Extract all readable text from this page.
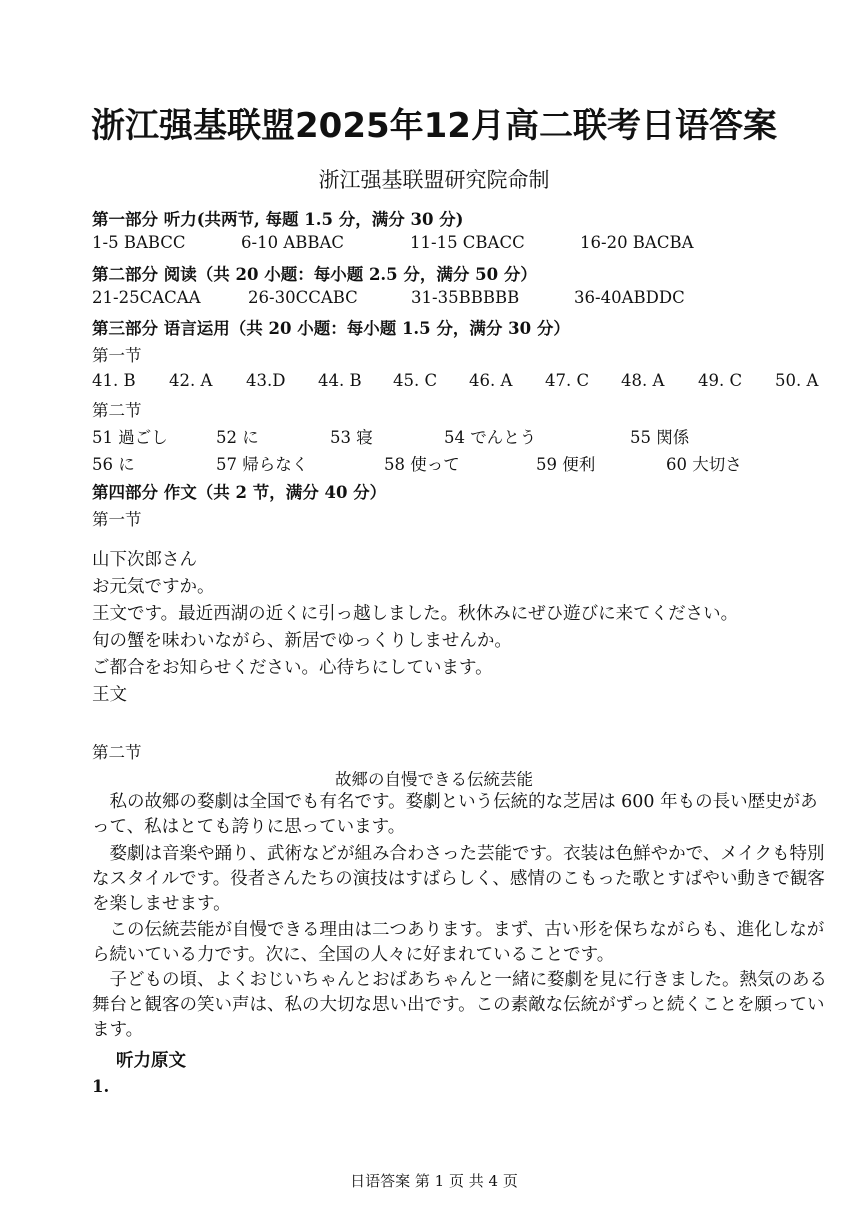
浙江强基联盟2025年12月高二联考日语答案
浙江强基联盟研究院命制
第一部分 听力(共两节, 每题 1.5 分，满分 30 分)
1-5 BABCC	6-10 ABBAC	11-15 CBACC	16-20 BACBA
第二部分 阅读（共 20 小题：每小题 2.5 分，满分 50 分）
21-25CACAA	26-30CCABC	31-35BBBBB	36-40ABDDC
第三部分 语言运用（共 20 小题：每小题 1.5 分，满分 30 分）
第一节
41. B 42. A 43.D 44. B 45. C 46. A 47. C 48. A 49. C 50. A
第二节
51 過ごし	52 に	53 寝	54 でんとう	55 関係
56 に	57 帰らなく	58 使って	59 便利	60 大切さ
第四部分 作文（共 2 节，满分 40 分）
第一节
山下次郎さん
お元気ですか。
王文です。最近西湖の近くに引っ越しました。秋休みにぜひ遊びに来てください。
旬の蟹を味わいながら、新居でゆっくりしませんか。
ご都合をお知らせください。心待ちにしています。
王文
第二节
故郷の自慢できる伝統芸能
私の故郷の婺劇は全国でも有名です。婺劇という伝統的な芝居は 600 年もの長い歴史があって、私はとても誇りに思っています。
婺劇は音楽や踊り、武術などが組み合わさった芸能です。衣装は色鮮やかで、メイクも特別なスタイルです。役者さんたちの演技はすばらしく、感情のこもった歌とすばやい動きで観客を楽しませます。
この伝統芸能が自慢できる理由は二つあります。まず、古い形を保ちながらも、進化しながら続いている力です。次に、全国の人々に好まれていることです。
子どもの頃、よくおじいちゃんとおばあちゃんと一緒に婺劇を見に行きました。熱気のある舞台と観客の笑い声は、私の大切な思い出です。この素敵な伝統がずっと続くことを願っています。
听力原文
1.
日语答案 第 1 页 共 4 页
